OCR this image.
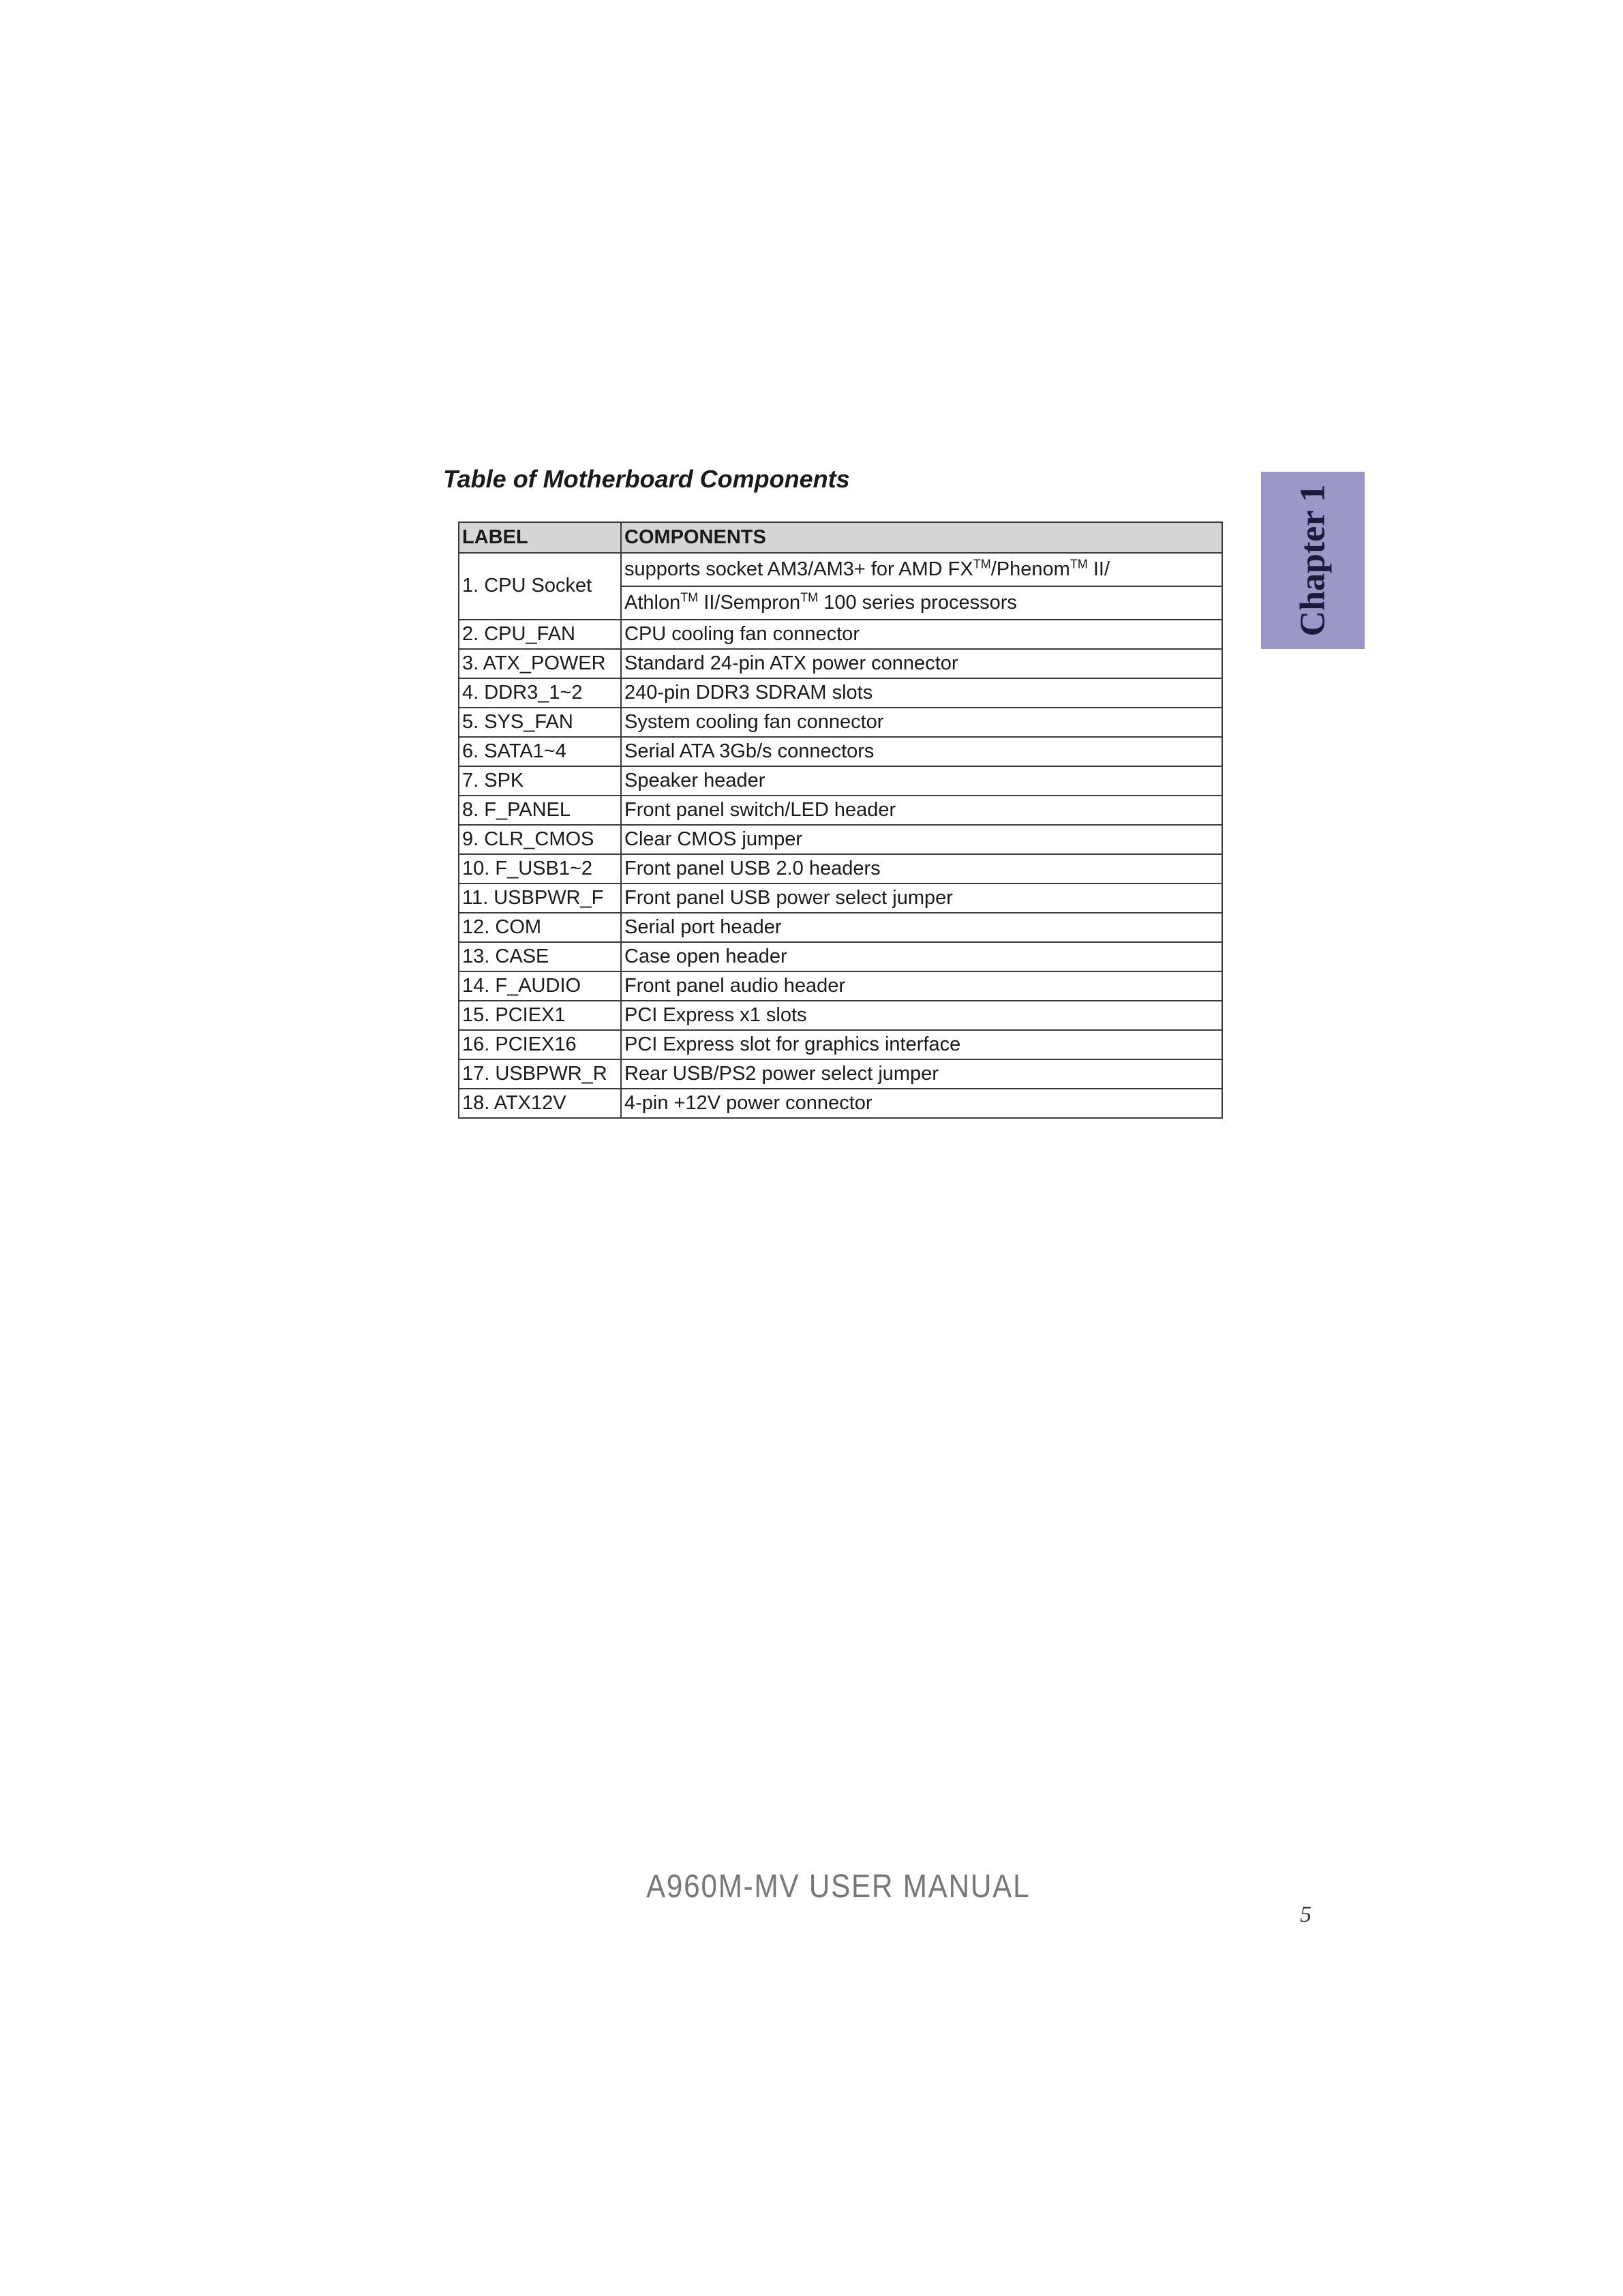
Table of Motherboard Components
Chapter 1
LABEL	COMPONENTS
1. CPU Socket	supports socket AM3/AM3+ for AMD FX™/Phenom™ II/
	Athlon™ II/Sempron™ 100 series processors
2. CPU_FAN	CPU cooling fan connector
3. ATX_POWER	Standard 24-pin ATX power connector
4. DDR3_1~2	240-pin DDR3 SDRAM slots
5. SYS_FAN	System cooling fan connector
6. SATA1~4	Serial ATA 3Gb/s connectors
7. SPK	Speaker header
8. F_PANEL	Front panel switch/LED header
9. CLR_CMOS	Clear CMOS jumper
10. F_USB1~2	Front panel USB 2.0 headers
11. USBPWR_F	Front panel USB power select jumper
12. COM	Serial port header
13. CASE	Case open header
14. F_AUDIO	Front panel audio header
15. PCIEX1	PCI Express x1 slots
16. PCIEX16	PCI Express slot for graphics interface
17. USBPWR_R	Rear USB/PS2 power select jumper
18. ATX12V	4-pin +12V power connector
A960M-MV USER MANUAL
5
